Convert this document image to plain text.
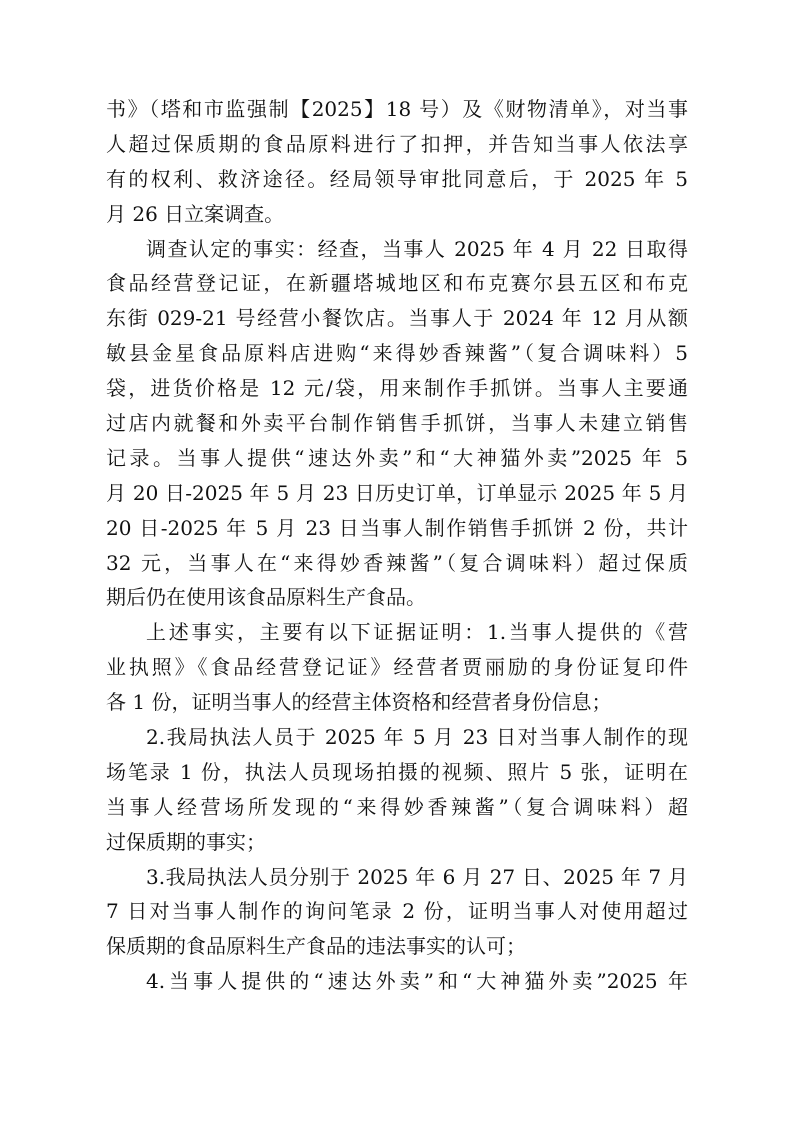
书》（塔和市监强制【2025】18 号）及《财物清单》，对当事
人超过保质期的食品原料进行了扣押，并告知当事人依法享
有的权利、救济途径。经局领导审批同意后，于 2025 年 5
月 26 日立案调查。
调查认定的事实：经查，当事人 2025 年 4 月 22 日取得
食品经营登记证，在新疆塔城地区和布克赛尔县五区和布克
东街 029-21 号经营小餐饮店。当事人于 2024 年 12 月从额
敏县金星食品原料店进购“来得妙香辣酱”（复合调味料）5
袋，进货价格是 12 元/袋，用来制作手抓饼。当事人主要通
过店内就餐和外卖平台制作销售手抓饼，当事人未建立销售
记录。当事人提供“速达外卖”和“大神猫外卖”2025 年 5
月 20 日-2025 年 5 月 23 日历史订单，订单显示 2025 年 5 月
20 日-2025 年 5 月 23 日当事人制作销售手抓饼 2 份，共计
32 元，当事人在“来得妙香辣酱”（复合调味料）超过保质
期后仍在使用该食品原料生产食品。
上述事实，主要有以下证据证明：1.当事人提供的《营
业执照》《食品经营登记证》经营者贾丽励的身份证复印件
各 1 份，证明当事人的经营主体资格和经营者身份信息；
2.我局执法人员于 2025 年 5 月 23 日对当事人制作的现
场笔录 1 份，执法人员现场拍摄的视频、照片 5 张，证明在
当事人经营场所发现的“来得妙香辣酱”（复合调味料）超
过保质期的事实；
3.我局执法人员分别于 2025 年 6 月 27 日、2025 年 7 月
7 日对当事人制作的询问笔录 2 份，证明当事人对使用超过
保质期的食品原料生产食品的违法事实的认可；
4.当事人提供的“速达外卖”和“大神猫外卖”2025 年
